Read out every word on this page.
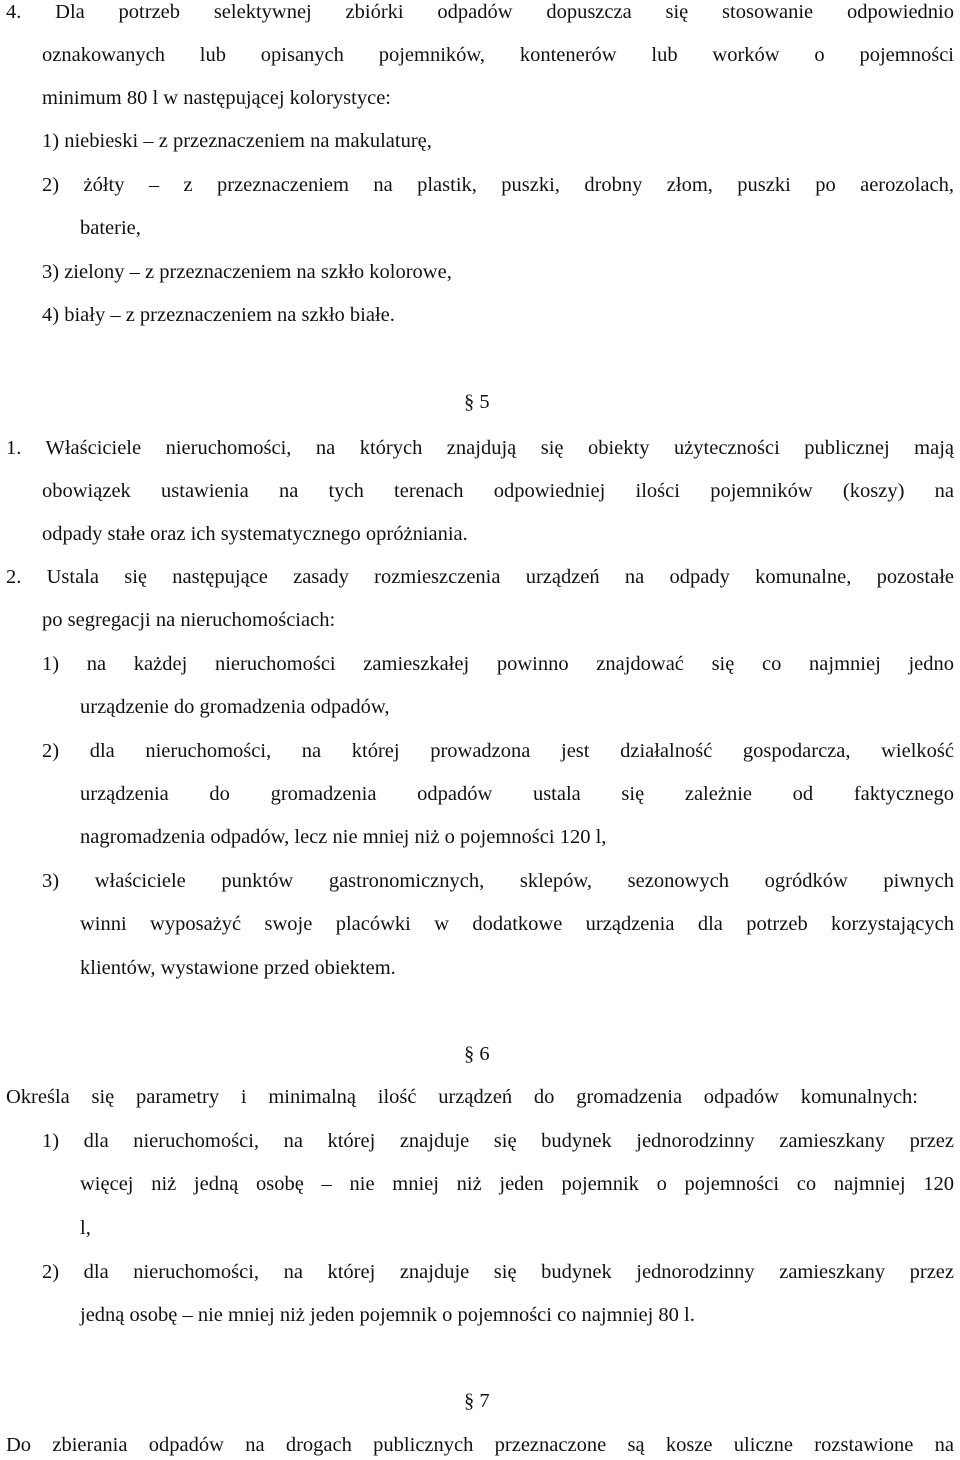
4. Dla potrzeb selektywnej zbiórki odpadów dopuszcza się stosowanie odpowiednio
oznakowanych lub opisanych pojemników, kontenerów lub worków o pojemności
minimum 80 l w następującej kolorystyce:
1) niebieski – z przeznaczeniem na makulaturę,
2) żółty – z przeznaczeniem na plastik, puszki, drobny złom, puszki po aerozolach,
baterie,
3) zielony – z przeznaczeniem na szkło kolorowe,
4) biały – z przeznaczeniem na szkło białe.
§ 5
1. Właściciele nieruchomości, na których znajdują się obiekty użyteczności publicznej mają
obowiązek ustawienia na tych terenach odpowiedniej ilości pojemników (koszy) na
odpady stałe oraz ich systematycznego opróżniania.
2. Ustala się następujące zasady rozmieszczenia urządzeń na odpady komunalne, pozostałe
po segregacji na nieruchomościach:
1) na każdej nieruchomości zamieszkałej powinno znajdować się co najmniej jedno
urządzenie do gromadzenia odpadów,
2) dla nieruchomości, na której prowadzona jest działalność gospodarcza, wielkość
urządzenia do gromadzenia odpadów ustala się zależnie od faktycznego
nagromadzenia odpadów, lecz nie mniej niż o pojemności 120 l,
3) właściciele punktów gastronomicznych, sklepów, sezonowych ogródków piwnych
winni wyposażyć swoje placówki w dodatkowe urządzenia dla potrzeb korzystających
klientów, wystawione przed obiektem.
§ 6
Określa się parametry i minimalną ilość urządzeń do gromadzenia odpadów komunalnych:
1) dla nieruchomości, na której znajduje się budynek jednorodzinny zamieszkany przez
więcej niż jedną osobę – nie mniej niż jeden pojemnik o pojemności co najmniej 120
l,
2) dla nieruchomości, na której znajduje się budynek jednorodzinny zamieszkany przez
jedną osobę – nie mniej niż jeden pojemnik o pojemności co najmniej 80 l.
§ 7
Do zbierania odpadów na drogach publicznych przeznaczone są kosze uliczne rozstawione na
